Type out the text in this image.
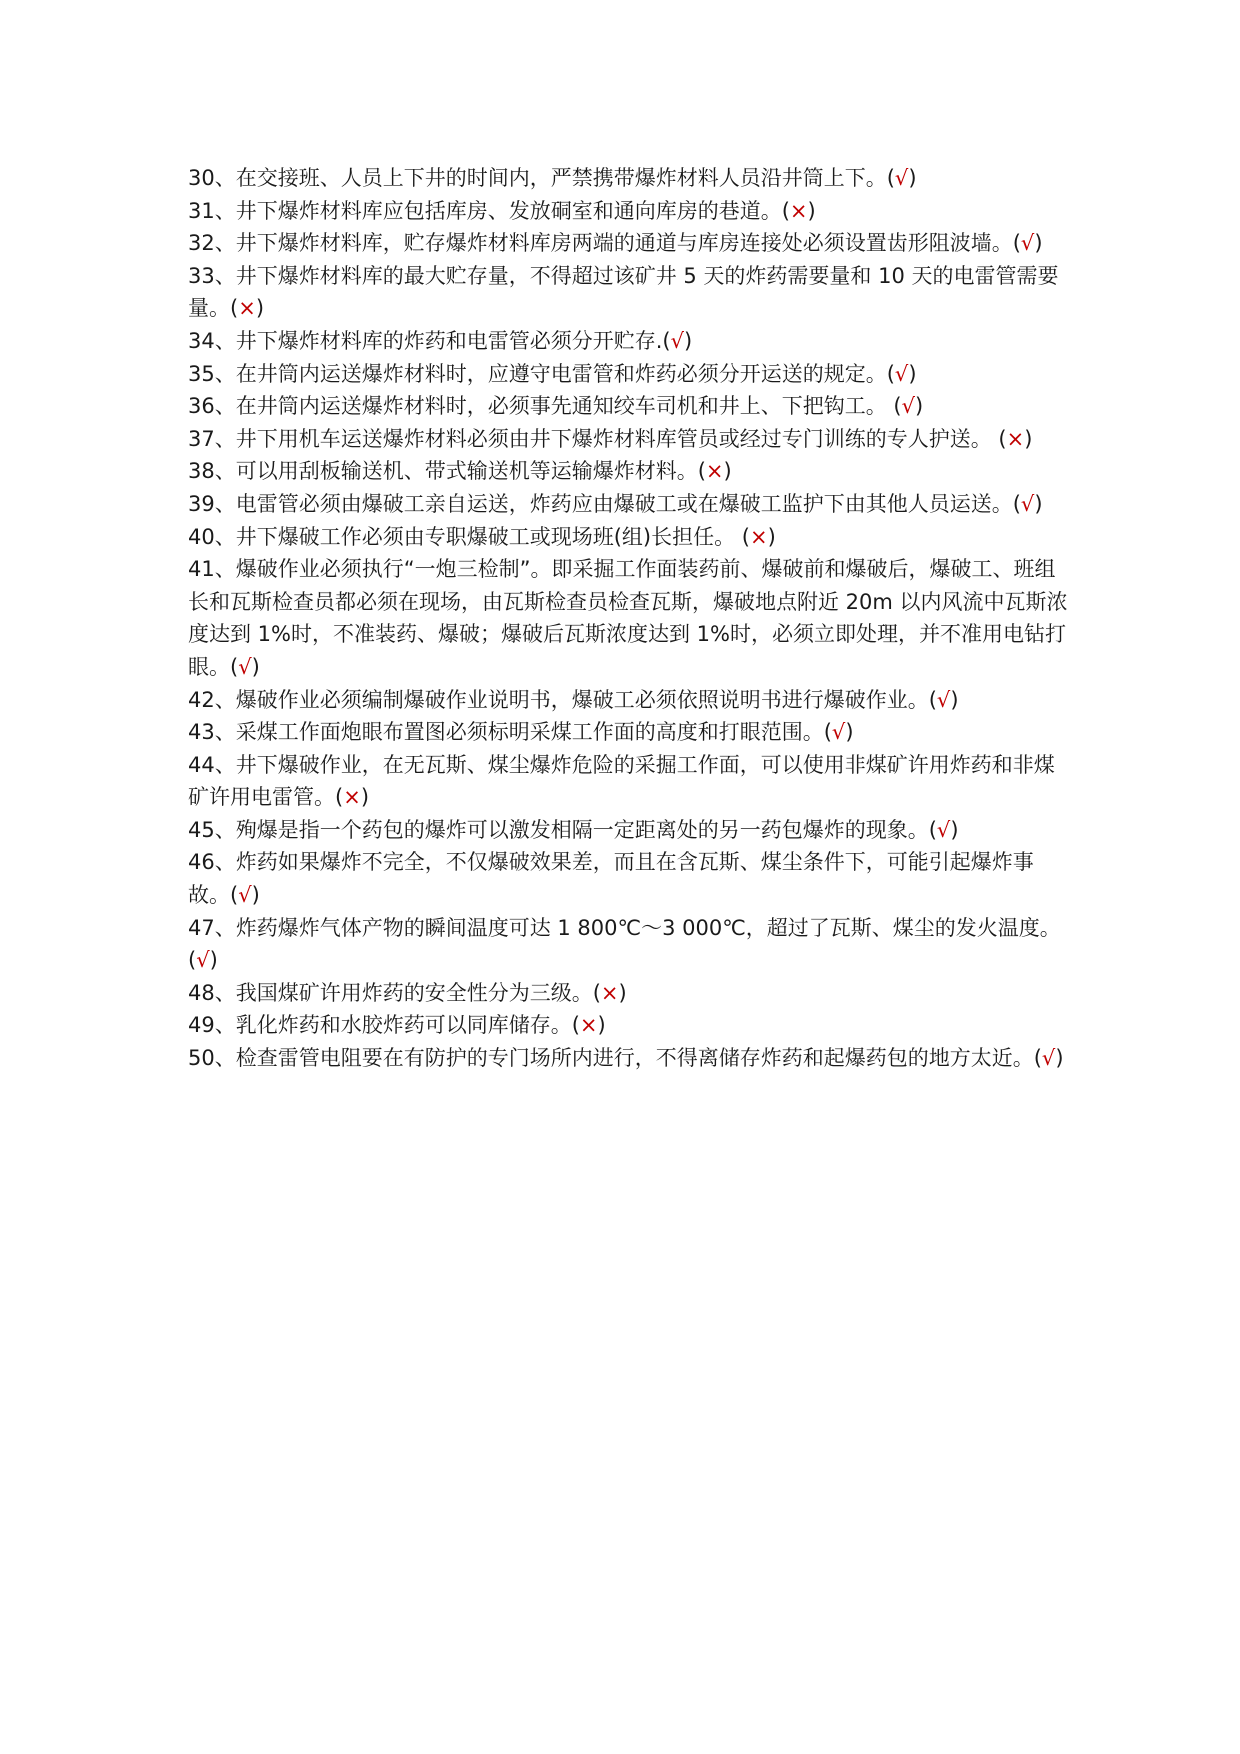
30、在交接班、人员上下井的时间内，严禁携带爆炸材料人员沿井筒上下。(√)

31、井下爆炸材料库应包括库房、发放硐室和通向库房的巷道。(×)

32、井下爆炸材料库，贮存爆炸材料库房两端的通道与库房连接处必须设置齿形阻波墙。(√)

33、井下爆炸材料库的最大贮存量，不得超过该矿井 5 天的炸药需要量和 10 天的电雷管需要量。(×)

34、井下爆炸材料库的炸药和电雷管必须分开贮存.(√)

35、在井筒内运送爆炸材料时，应遵守电雷管和炸药必须分开运送的规定。(√)

36、在井筒内运送爆炸材料时，必须事先通知绞车司机和井上、下把钩工。 (√)

37、井下用机车运送爆炸材料必须由井下爆炸材料库管员或经过专门训练的专人护送。 (×)

38、可以用刮板输送机、带式输送机等运输爆炸材料。(×)

39、电雷管必须由爆破工亲自运送，炸药应由爆破工或在爆破工监护下由其他人员运送。(√)

40、井下爆破工作必须由专职爆破工或现场班(组)长担任。 (×)

41、爆破作业必须执行“一炮三检制”。即采掘工作面装药前、爆破前和爆破后，爆破工、班组长和瓦斯检查员都必须在现场，由瓦斯检查员检查瓦斯，爆破地点附近 20m 以内风流中瓦斯浓度达到 1%时，不准装药、爆破；爆破后瓦斯浓度达到 1%时，必须立即处理，并不准用电钻打眼。(√)

42、爆破作业必须编制爆破作业说明书，爆破工必须依照说明书进行爆破作业。(√)

43、采煤工作面炮眼布置图必须标明采煤工作面的高度和打眼范围。(√)

44、井下爆破作业，在无瓦斯、煤尘爆炸危险的采掘工作面，可以使用非煤矿许用炸药和非煤矿许用电雷管。(×)

45、殉爆是指一个药包的爆炸可以激发相隔一定距离处的另一药包爆炸的现象。(√)

46、炸药如果爆炸不完全，不仅爆破效果差，而且在含瓦斯、煤尘条件下，可能引起爆炸事故。(√)

47、炸药爆炸气体产物的瞬间温度可达 1 800℃～3 000℃，超过了瓦斯、煤尘的发火温度。(√)

48、我国煤矿许用炸药的安全性分为三级。(×)

49、乳化炸药和水胶炸药可以同库储存。(×)

50、检查雷管电阻要在有防护的专门场所内进行，不得离储存炸药和起爆药包的地方太近。(√)
